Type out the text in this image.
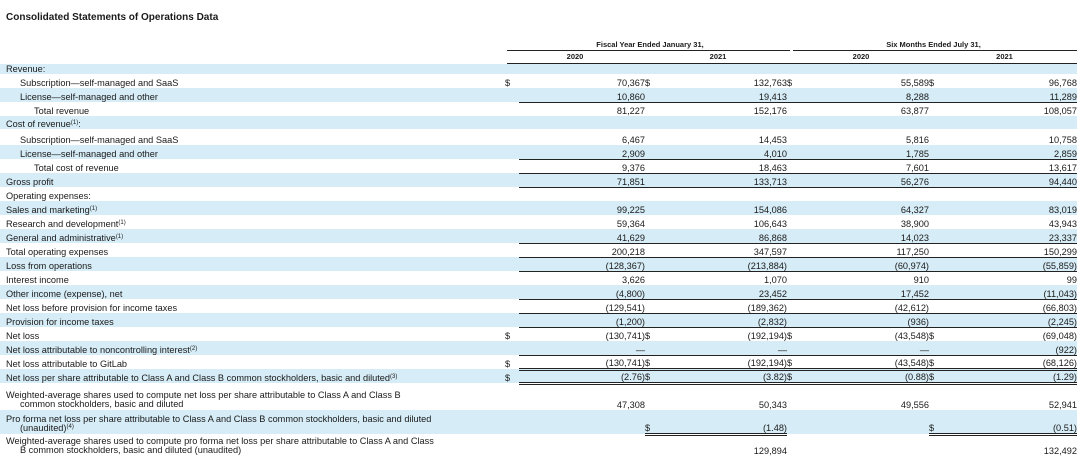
Consolidated Statements of Operations Data
Fiscal Year Ended January 31,	Six Months Ended July 31,
2020	2021	2020	2021
Revenue:								
Subscription—self-managed and SaaS	$	70,367	$	132,763	$	55,589	$	96,768
License—self-managed and other		10,860		19,413		8,288		11,289
Total revenue		81,227		152,176		63,877		108,057
Cost of revenue$^{(1)}$:								
Subscription—self-managed and SaaS		6,467		14,453		5,816		10,758
License—self-managed and other		2,909		4,010		1,785		2,859
Total cost of revenue		9,376		18,463		7,601		13,617
Gross profit		71,851		133,713		56,276		94,440
Operating expenses:								
Sales and marketing$^{(1)}$		99,225		154,086		64,327		83,019
Research and development$^{(1)}$		59,364		106,643		38,900		43,943
General and administrative$^{(1)}$		41,629		86,868		14,023		23,337
Total operating expenses		200,218		347,597		117,250		150,299
Loss from operations		(128,367)		(213,884)		(60,974)		(55,859)
Interest income		3,626		1,070		910		99
Other income (expense), net		(4,800)		23,452		17,452		(11,043)
Net loss before provision for income taxes		(129,541)		(189,362)		(42,612)		(66,803)
Provision for income taxes		(1,200)		(2,832)		(936)		(2,245)
Net loss	$	(130,741)	$	(192,194)	$	(43,548)	$	(69,048)
Net loss attributable to noncontrolling interest$^{(2)}$		—		—		—		(922)
Net loss attributable to GitLab	$	(130,741)	$	(192,194)	$	(43,548)	$	(68,126)
Net loss per share attributable to Class A and Class B common stockholders, basic and diluted$^{(3)}$	$	(2.76)	$	(3.82)	$	(0.88)	$	(1.29)
Weighted-average shares used to compute net loss per share attributable to Class A and Class B
common stockholders, basic and diluted		47,308		50,343		49,556		52,941
Pro forma net loss per share attributable to Class A and Class B common stockholders, basic and diluted
(unaudited)$^{(4)}$			$	(1.48)			$	(0.51)
Weighted-average shares used to compute pro forma net loss per share attributable to Class A and Class
B common stockholders, basic and diluted (unaudited)				129,894				132,492
